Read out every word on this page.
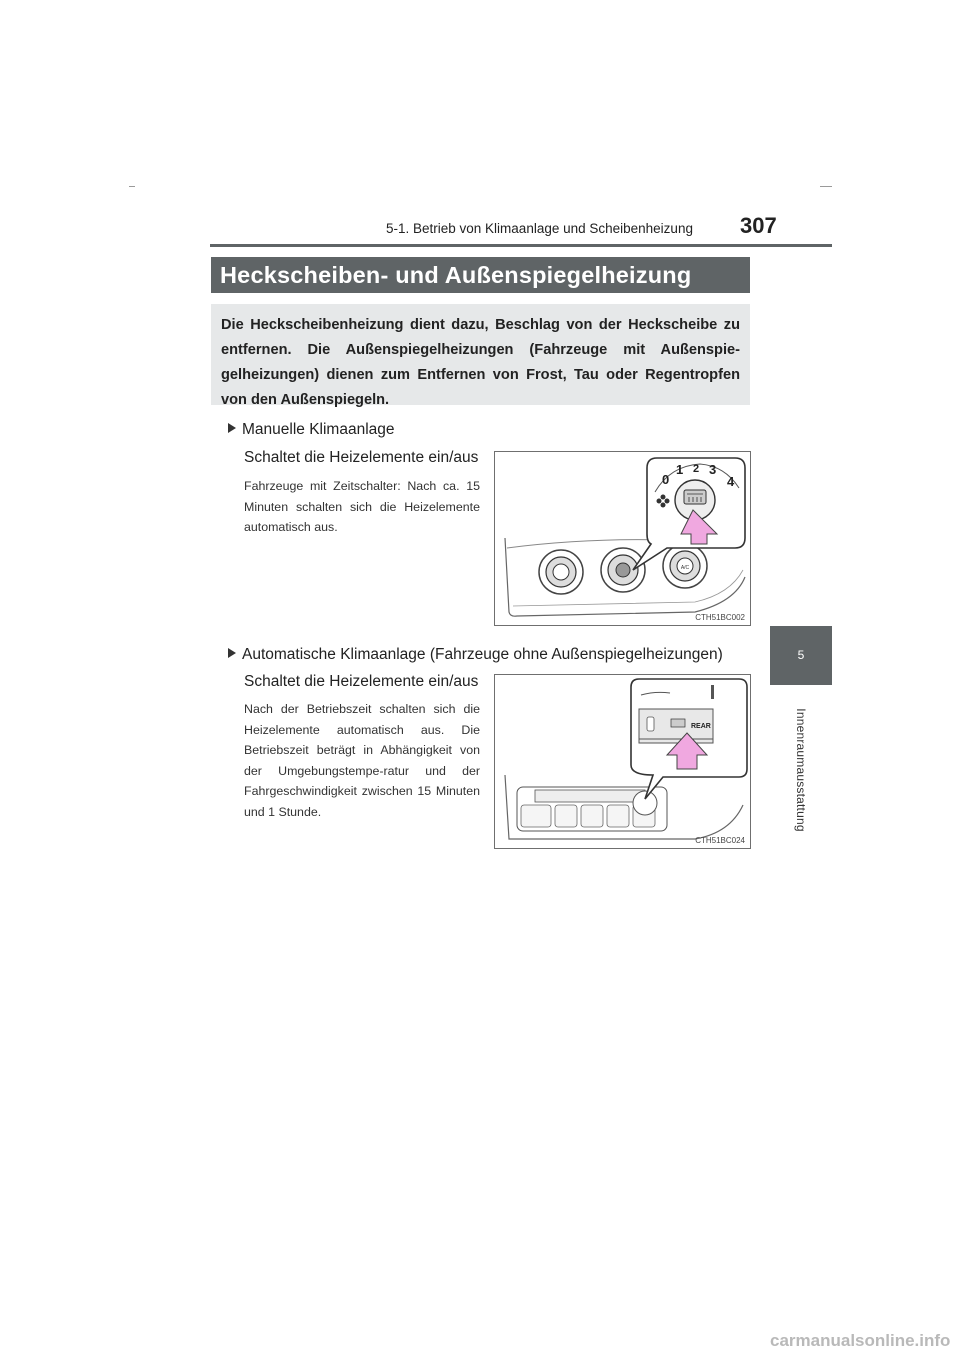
5-1. Betrieb von Klimaanlage und Scheibenheizung 307
Heckscheiben- und Außenspiegelheizung
Die Heckscheibenheizung dient dazu, Beschlag von der Heckscheibe zu entfernen. Die Außenspiegelheizungen (Fahrzeuge mit Außenspie-gelheizungen) dienen zum Entfernen von Frost, Tau oder Regentropfen von den Außenspiegeln.
5
Innenraumausstattung
Manuelle Klimaanlage
Schaltet die Heizelemente ein/aus
Fahrzeuge mit Zeitschalter: Nach ca. 15 Minuten schalten sich die Heizelemente automatisch aus.
A/C
0
1 2 3
4
CTH51BC002
Automatische Klimaanlage (Fahrzeuge ohne Außenspiegelheizungen)
Schaltet die Heizelemente ein/aus
Nach der Betriebszeit schalten sich die Heizelemente automatisch aus. Die Betriebszeit beträgt in Abhängigkeit von der Umgebungstempe-ratur und der Fahrgeschwindigkeit zwischen 15 Minuten und 1 Stunde.
REAR
CTH51BC024
carmanualsonline.info
